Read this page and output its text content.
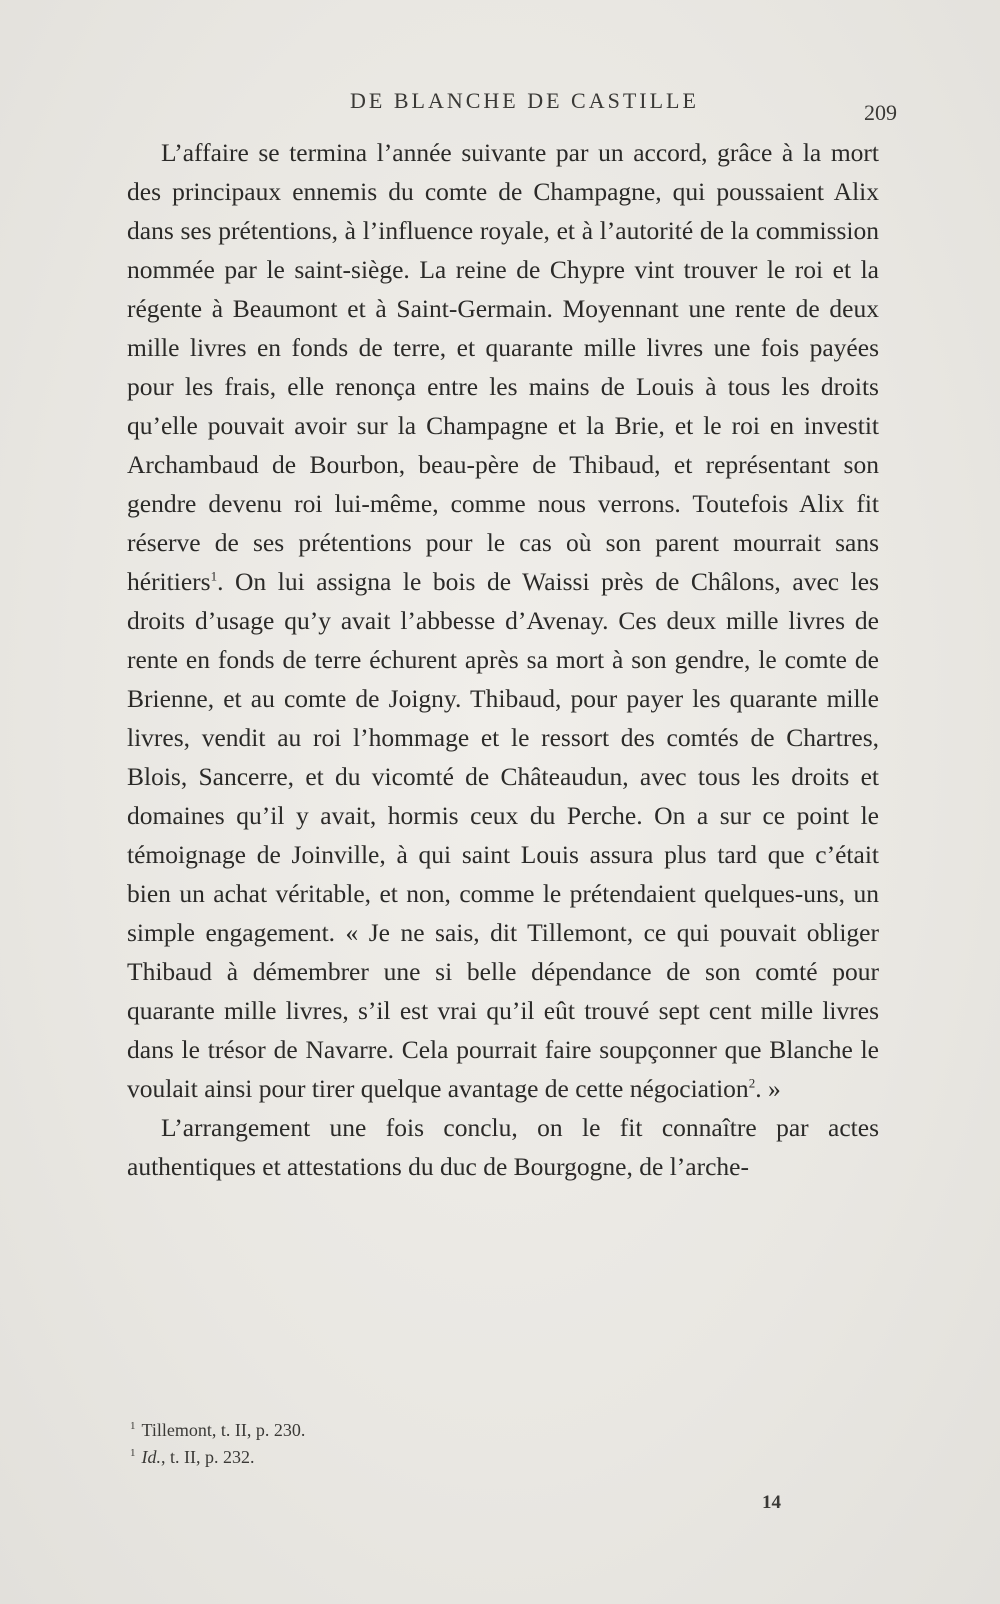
DE BLANCHE DE CASTILLE	209

L’affaire se termina l’année suivante par un accord, grâce à la mort des principaux ennemis du comte de Champagne, qui poussaient Alix dans ses prétentions, à l’influence royale, et à l’autorité de la commission nommée par le saint-siège. La reine de Chypre vint trouver le roi et la régente à Beaumont et à Saint-Germain. Moyennant une rente de deux mille livres en fonds de terre, et quarante mille livres une fois payées pour les frais, elle renonça entre les mains de Louis à tous les droits qu’elle pouvait avoir sur la Champagne et la Brie, et le roi en investit Archambaud de Bourbon, beau-père de Thibaud, et représentant son gendre devenu roi lui-même, comme nous verrons. Toutefois Alix fit réserve de ses prétentions pour le cas où son parent mourrait sans héritiers$^1$. On lui assigna le bois de Waissi près de Châlons, avec les droits d’usage qu’y avait l’abbesse d’Avenay. Ces deux mille livres de rente en fonds de terre échurent après sa mort à son gendre, le comte de Brienne, et au comte de Joigny. Thibaud, pour payer les quarante mille livres, vendit au roi l’hommage et le ressort des comtés de Chartres, Blois, Sancerre, et du vicomté de Châteaudun, avec tous les droits et domaines qu’il y avait, hormis ceux du Perche. On a sur ce point le témoignage de Joinville, à qui saint Louis assura plus tard que c’était bien un achat véritable, et non, comme le prétendaient quelques-uns, un simple engagement. « Je ne sais, dit Tillemont, ce qui pouvait obliger Thibaud à démembrer une si belle dépendance de son comté pour quarante mille livres, s’il est vrai qu’il eût trouvé sept cent mille livres dans le trésor de Navarre. Cela pourrait faire soupçonner que Blanche le voulait ainsi pour tirer quelque avantage de cette négociation$^2$. »

L’arrangement une fois conclu, on le fit connaître par actes authentiques et attestations du duc de Bourgogne, de l’arche-

$^1$ Tillemont, t. II, p. 230.

$^1$ Id., t. II, p. 232.

14
